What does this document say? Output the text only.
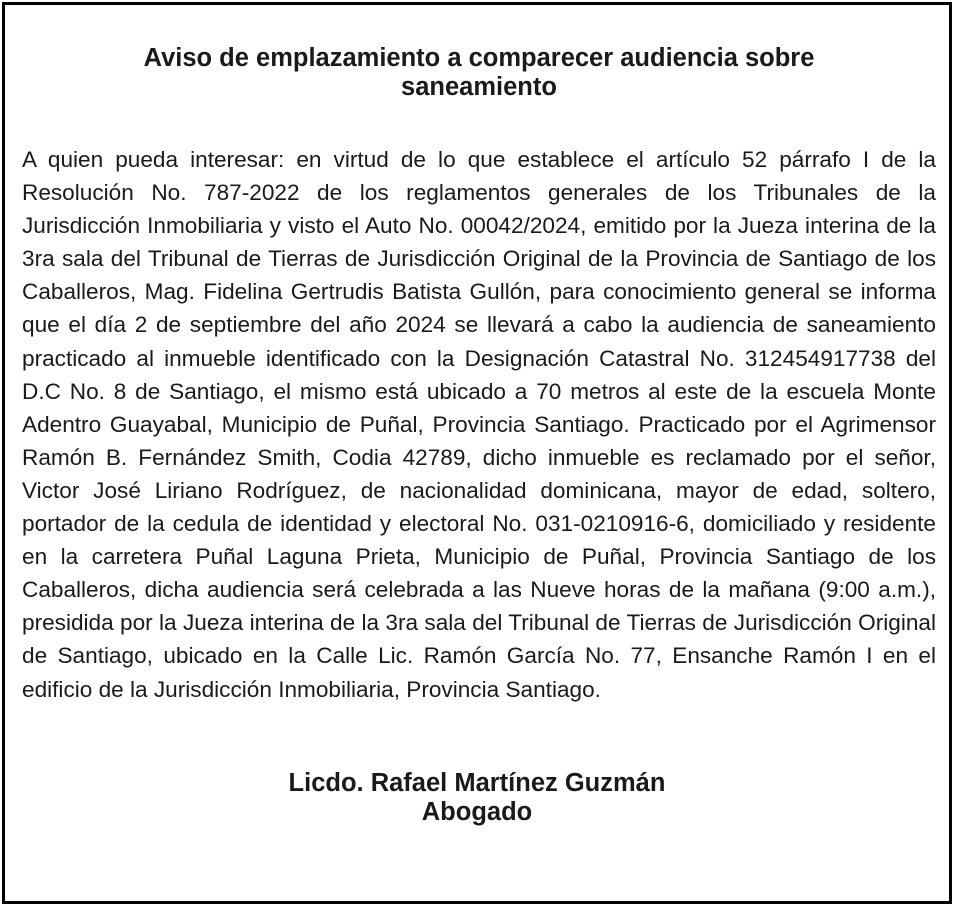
Aviso de emplazamiento a comparecer audiencia sobre saneamiento

A quien pueda interesar: en virtud de lo que establece el artículo 52 párrafo I de la Resolución No. 787-2022 de los reglamentos generales de los Tribunales de la Jurisdicción Inmobiliaria y visto el Auto No. 00042/2024, emitido por la Jueza interina de la 3ra sala del Tribunal de Tierras de Jurisdicción Original de la Provincia de Santiago de los Caballeros, Mag. Fidelina Gertrudis Batista Gullón, para conocimiento general se informa que el día 2 de septiembre del año 2024 se llevará a cabo la audiencia de saneamiento practicado al inmueble identificado con la Designación Catastral No. 312454917738 del D.C No. 8 de Santiago, el mismo está ubicado a 70 metros al este de la escuela Monte Adentro Guayabal, Municipio de Puñal, Provincia Santiago. Practicado por el Agrimensor Ramón B. Fernández Smith, Codia 42789, dicho inmueble es reclamado por el señor, Victor José Liriano Rodríguez, de nacionalidad dominicana, mayor de edad, soltero, portador de la cedula de identidad y electoral No. 031-0210916-6, domiciliado y residente en la carretera Puñal Laguna Prieta, Municipio de Puñal, Provincia Santiago de los Caballeros, dicha audiencia será celebrada a las Nueve horas de la mañana (9:00 a.m.), presidida por la Jueza interina de la 3ra sala del Tribunal de Tierras de Jurisdicción Original de Santiago, ubicado en la Calle Lic. Ramón García No. 77, Ensanche Ramón I en el edificio de la Jurisdicción Inmobiliaria, Provincia Santiago.

Licdo. Rafael Martínez Guzmán
Abogado
